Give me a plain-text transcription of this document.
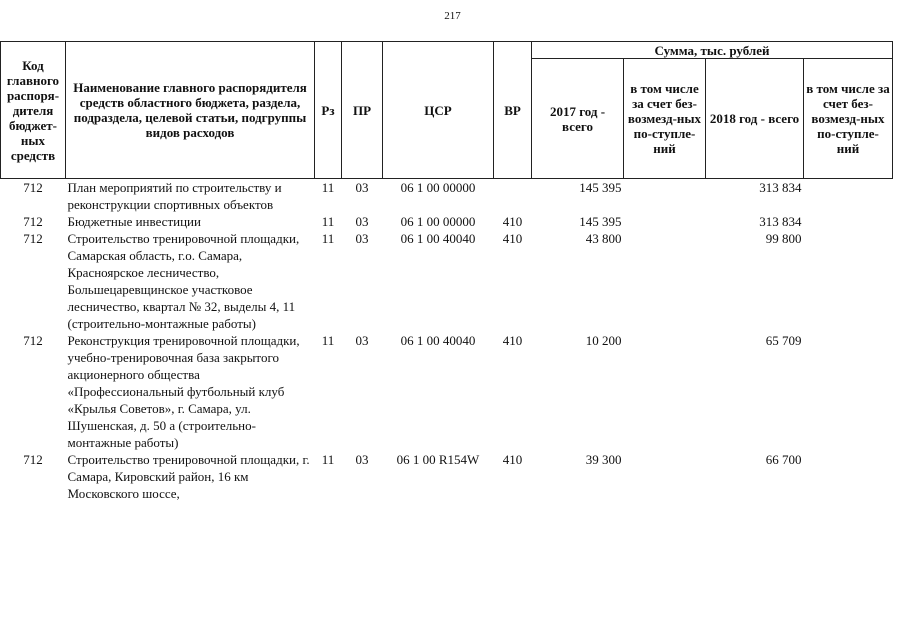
217
Код главного распоря-дителя бюджет-ных средств	Наименование главного распорядителя средств областного бюджета, раздела, подраздела, целевой статьи, подгруппы видов расходов	Рз	ПР	ЦСР	ВР	Сумма, тыс. рублей			
						2017 год - всего	в том числе за счет без-возмезд-ных по-ступле-ний	2018 год - всего	в том числе за счет без-возмезд-ных по-ступле-ний
712	План мероприятий по строительству и реконструкции спортивных объектов	11	03	06 1 00 00000		145 395		313 834	
712	Бюджетные инвестиции	11	03	06 1 00 00000	410	145 395		313 834	
712	Строительство тренировочной площадки, Самарская область, г.о. Самара, Красноярское лесничество, Большецаревщинское участковое лесничество, квартал № 32, выделы 4, 11 (строительно-монтажные работы)	11	03	06 1 00 40040	410	43 800		99 800	
712	Реконструкция тренировочной площадки, учебно-тренировочная база закрытого акционерного общества «Профессиональный футбольный клуб «Крылья Советов», г. Самара, ул. Шушенская, д. 50 а (строительно-монтажные работы)	11	03	06 1 00 40040	410	10 200		65 709	
712	Строительство тренировочной площадки, г. Самара, Кировский район, 16 км Московского шоссе,	11	03	06 1 00 R154W	410	39 300		66 700	
